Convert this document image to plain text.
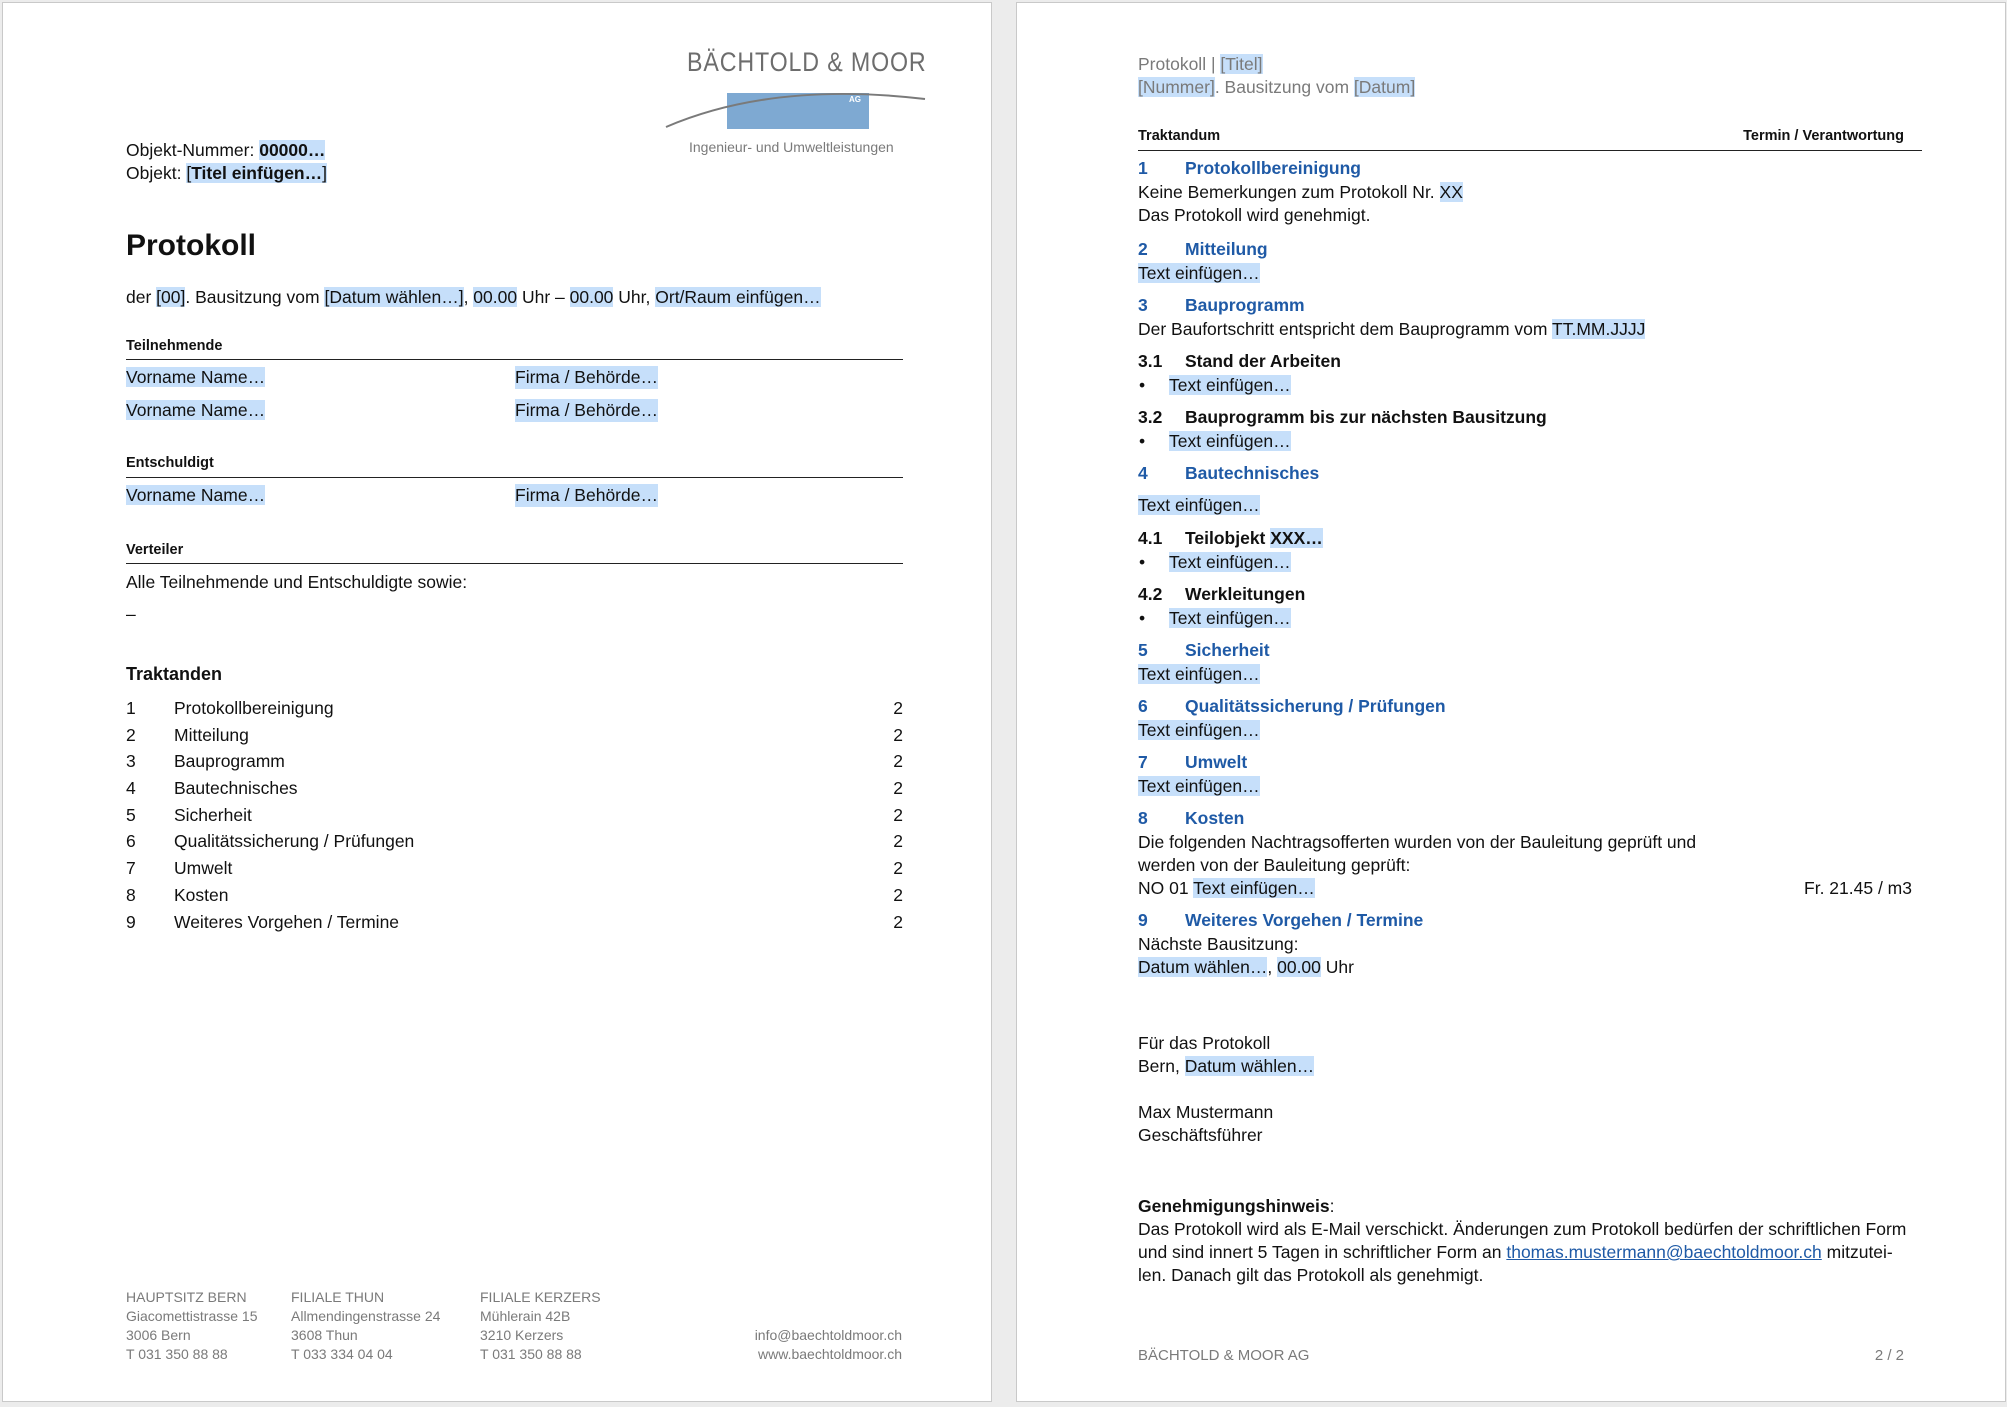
BÄCHTOLD & MOOR
AG
Ingenieur- und Umweltleistungen
Objekt-Nummer: 00000…
Objekt: [Titel einfügen…]
Protokoll
der [00]. Bausitzung vom [Datum wählen…], 00.00 Uhr – 00.00 Uhr, Ort/Raum einfügen…
Teilnehmende
Vorname Name…	Firma / Behörde…
Vorname Name…	Firma / Behörde…
Entschuldigt
Vorname Name…	Firma / Behörde…
Verteiler
Alle Teilnehmende und Entschuldigte sowie:
–
Traktanden
1 Protokollbereinigung	2
2 Mitteilung	2
3 Bauprogramm	2
4 Bautechnisches	2
5 Sicherheit	2
6 Qualitätssicherung / Prüfungen	2
7 Umwelt	2
8 Kosten	2
9 Weiteres Vorgehen / Termine	2
HAUPTSITZ BERN
Giacomettistrasse 15
3006 Bern
T 031 350 88 88
FILIALE THUN
Allmendingenstrasse 24
3608 Thun
T 033 334 04 04
FILIALE KERZERS
Mühlerain 42B
3210 Kerzers
T 031 350 88 88
info@baechtoldmoor.ch
www.baechtoldmoor.ch
Protokoll | [Titel]
[Nummer]. Bausitzung vom [Datum]
Traktandum	Termin / Verantwortung
1 Protokollbereinigung
Keine Bemerkungen zum Protokoll Nr. XX
Das Protokoll wird genehmigt.
2 Mitteilung
Text einfügen…
3 Bauprogramm
Der Baufortschritt entspricht dem Bauprogramm vom TT.MM.JJJJ
3.1 Stand der Arbeiten
• Text einfügen…
3.2 Bauprogramm bis zur nächsten Bausitzung
• Text einfügen…
4 Bautechnisches
Text einfügen…
4.1 Teilobjekt XXX…
• Text einfügen…
4.2 Werkleitungen
• Text einfügen…
5 Sicherheit
Text einfügen…
6 Qualitätssicherung / Prüfungen
Text einfügen…
7 Umwelt
Text einfügen…
8 Kosten
Die folgenden Nachtragsofferten wurden von der Bauleitung geprüft und
werden von der Bauleitung geprüft:
NO 01 Text einfügen…	Fr. 21.45 / m3
9 Weiteres Vorgehen / Termine
Nächste Bausitzung:
Datum wählen…, 00.00 Uhr
Für das Protokoll
Bern, Datum wählen…
Max Mustermann
Geschäftsführer
Genehmigungshinweis:
Das Protokoll wird als E-Mail verschickt. Änderungen zum Protokoll bedürfen der schriftlichen Form
und sind innert 5 Tagen in schriftlicher Form an thomas.mustermann@baechtoldmoor.ch mitzutei-
len. Danach gilt das Protokoll als genehmigt.
BÄCHTOLD & MOOR AG	2 / 2
